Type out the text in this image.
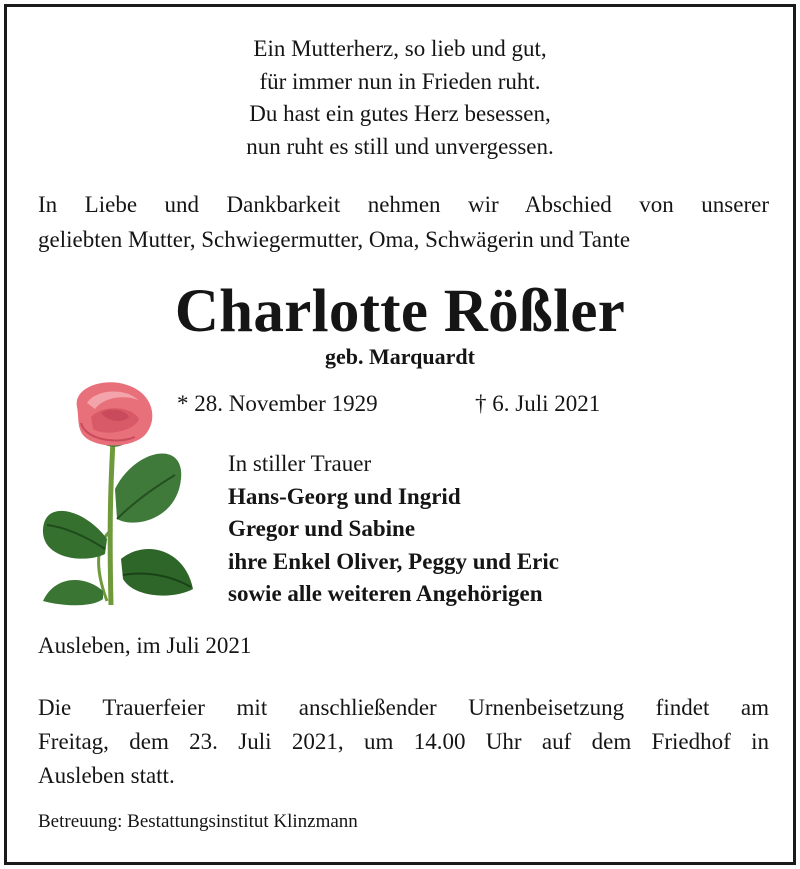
Ein Mutterherz, so lieb und gut,
für immer nun in Frieden ruht.
Du hast ein gutes Herz besessen,
nun ruht es still und unvergessen.
In Liebe und Dankbarkeit nehmen wir Abschied von unserer
geliebten Mutter, Schwiegermutter, Oma, Schwägerin und Tante
Charlotte Rößler
geb. Marquardt
* 28. November 1929	† 6. Juli 2021
In stiller Trauer
Hans-Georg und Ingrid
Gregor und Sabine
ihre Enkel Oliver, Peggy und Eric
sowie alle weiteren Angehörigen
Ausleben, im Juli 2021
Die Trauerfeier mit anschließender Urnenbeisetzung findet am
Freitag, dem 23. Juli 2021, um 14.00 Uhr auf dem Friedhof in
Ausleben statt.
Betreuung: Bestattungsinstitut Klinzmann
